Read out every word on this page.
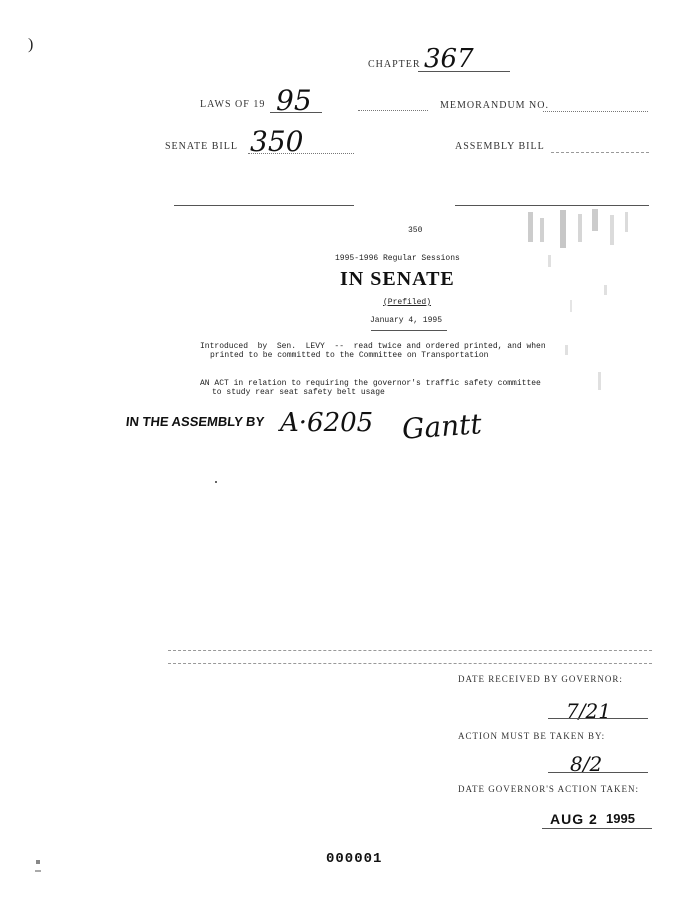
)
CHAPTER 367
LAWS OF 19 95	MEMORANDUM NO.
SENATE BILL 350	ASSEMBLY BILL
350
1995-1996 Regular Sessions
IN SENATE
(Prefiled)
January 4, 1995
Introduced  by  Sen.  LEVY  --  read twice and ordered printed, and when
printed to be committed to the Committee on Transportation
AN ACT in relation to requiring the governor's traffic safety committee
to study rear seat safety belt usage
IN THE ASSEMBLY BY A·6205 Gantt
DATE RECEIVED BY GOVERNOR:
7/21
ACTION MUST BE TAKEN BY:
8/2
DATE GOVERNOR'S ACTION TAKEN:
AUG 2 1995
000001
